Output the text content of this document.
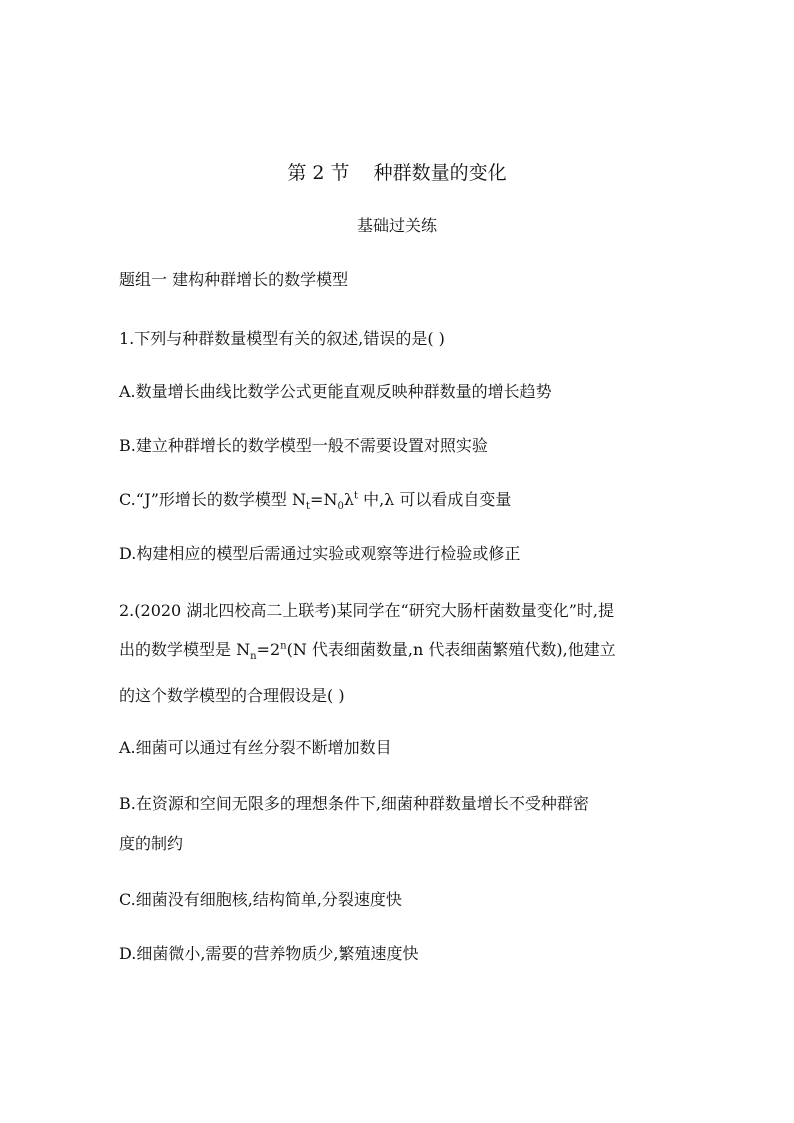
第 2 节    种群数量的变化
基础过关练
题组一 建构种群增长的数学模型
1.下列与种群数量模型有关的叙述,错误的是( )
A.数量增长曲线比数学公式更能直观反映种群数量的增长趋势
B.建立种群增长的数学模型一般不需要设置对照实验
C.“J”形增长的数学模型 $N_t=N_0\lambda^t$ 中,λ 可以看成自变量
D.构建相应的模型后需通过实验或观察等进行检验或修正
2.(2020 湖北四校高二上联考)某同学在“研究大肠杆菌数量变化”时,提
出的数学模型是 $N_n=2^n(N$ 代表细菌数量,n 代表细菌繁殖代数),他建立
的这个数学模型的合理假设是( )
A.细菌可以通过有丝分裂不断增加数目
B.在资源和空间无限多的理想条件下,细菌种群数量增长不受种群密
度的制约
C.细菌没有细胞核,结构简单,分裂速度快
D.细菌微小,需要的营养物质少,繁殖速度快
